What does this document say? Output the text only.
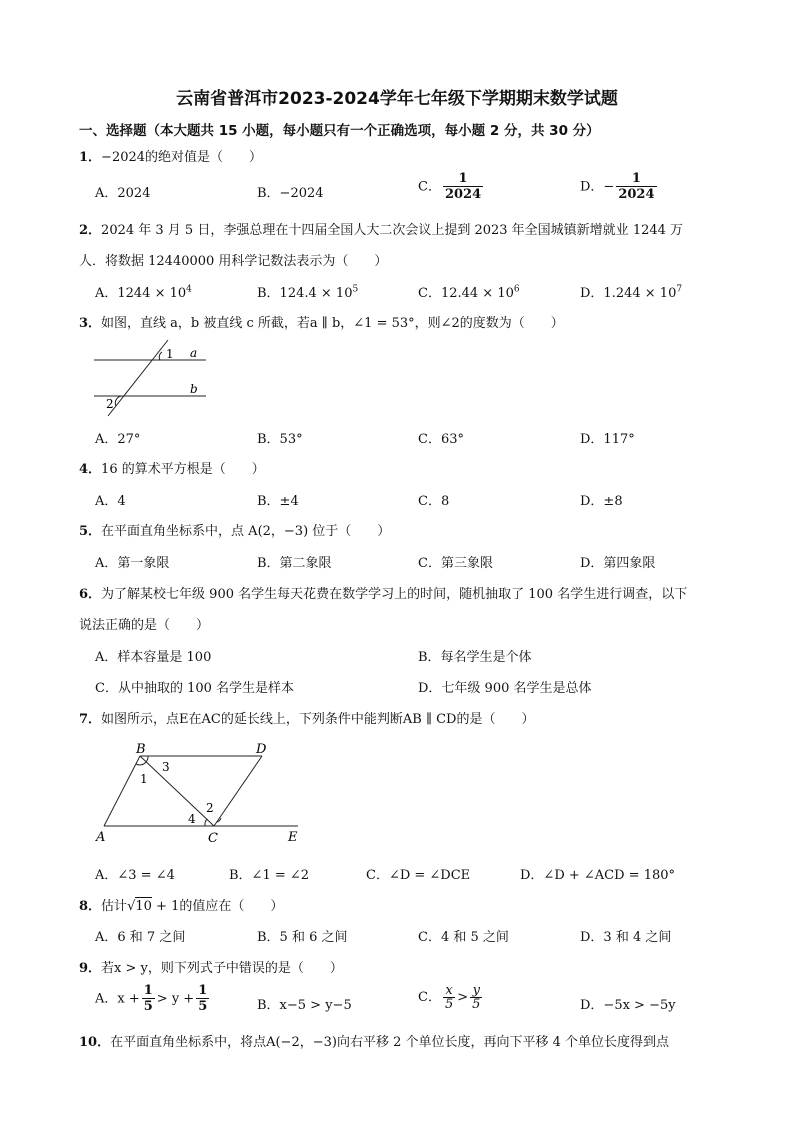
云南省普洱市2023-2024学年七年级下学期期末数学试题
一、选择题（本大题共 15 小题，每小题只有一个正确选项，每小题 2 分，共 30 分）
1．−2024的绝对值是（　　）
A．2024	B．−2024	C． $\frac{1}{2024}$	D．− $\frac{1}{2024}$
2．2024 年 3 月 5 日，李强总理在十四届全国人大二次会议上提到 2023 年全国城镇新增就业 1244 万
人．将数据 12440000 用科学记数法表示为（　　）
A．$1244 \times 10^4$	B．$124.4 \times 10^5$	C．$12.44 \times 10^6$	D．$1.244 \times 10^7$
3．如图，直线 a，b 被直线 c 所截，若a ∥ b，∠1 = 53°，则∠2的度数为（　　）
1
2
a
b
A．27°	B．53°	C．63°	D．117°
4．16 的算术平方根是（　　）
A．4	B．±4	C．8	D．±8
5．在平面直角坐标系中，点 A(2，−3) 位于（　　）
A．第一象限	B．第二象限	C．第三象限	D．第四象限
6．为了解某校七年级 900 名学生每天花费在数学学习上的时间，随机抽取了 100 名学生进行调查，以下
说法正确的是（　　）
A．样本容量是 100	B．每名学生是个体
C．从中抽取的 100 名学生是样本	D．七年级 900 名学生是总体
7．如图所示，点E在AC的延长线上，下列条件中能判断AB ∥ CD的是（　　）
B	D
A	C	E
1
3
2
4
A．∠3 = ∠4	B．∠1 = ∠2	C．∠D = ∠DCE	D．∠D + ∠ACD = 180°
8．估计√10 + 1的值应在（　　）
A．6 和 7 之间	B．5 和 6 之间	C．4 和 5 之间	D．3 和 4 之间
9．若x > y，则下列式子中错误的是（　　）
A．$x + \frac{1}{5} > y + \frac{1}{5}$	B．x−5 > y−5
C． $\frac{x}{5} > \frac{y}{5}$	D．−5x > −5y
10．在平面直角坐标系中，将点A(−2，−3)向右平移 2 个单位长度，再向下平移 4 个单位长度得到点
